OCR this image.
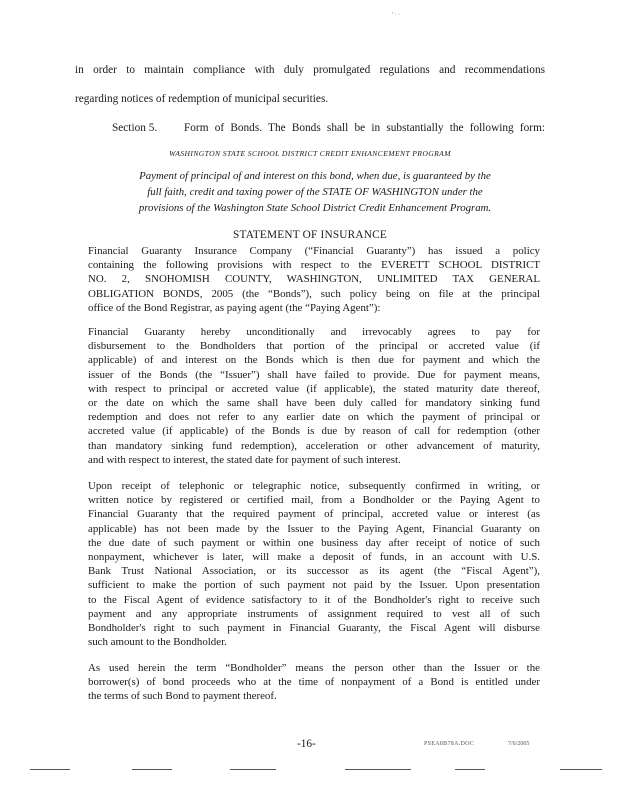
' · ·

in order to maintain compliance with duly promulgated regulations and recommendations

regarding notices of redemption of municipal securities.

Section 5. Form of Bonds. The Bonds shall be in substantially the following form:

WASHINGTON STATE SCHOOL DISTRICT CREDIT ENHANCEMENT PROGRAM
Payment of principal of and interest on this bond, when due, is guaranteed by the
full faith, credit and taxing power of the STATE OF WASHINGTON under the
provisions of the Washington State School District Credit Enhancement Program.
STATEMENT OF INSURANCE

Financial Guaranty Insurance Company (“Financial Guaranty”) has issued a policy
containing the following provisions with respect to the EVERETT SCHOOL DISTRICT
NO. 2, SNOHOMISH COUNTY, WASHINGTON, UNLIMITED TAX GENERAL
OBLIGATION BONDS, 2005 (the “Bonds”), such policy being on file at the principal
office of the Bond Registrar, as paying agent (the “Paying Agent”):

Financial Guaranty hereby unconditionally and irrevocably agrees to pay for
disbursement to the Bondholders that portion of the principal or accreted value (if
applicable) of and interest on the Bonds which is then due for payment and which the
issuer of the Bonds (the “Issuer”) shall have failed to provide. Due for payment means,
with respect to principal or accreted value (if applicable), the stated maturity date thereof,
or the date on which the same shall have been duly called for mandatory sinking fund
redemption and does not refer to any earlier date on which the payment of principal or
accreted value (if applicable) of the Bonds is due by reason of call for redemption (other
than mandatory sinking fund redemption), acceleration or other advancement of maturity,
and with respect to interest, the stated date for payment of such interest.

Upon receipt of telephonic or telegraphic notice, subsequently confirmed in writing, or
written notice by registered or certified mail, from a Bondholder or the Paying Agent to
Financial Guaranty that the required payment of principal, accreted value or interest (as
applicable) has not been made by the Issuer to the Paying Agent, Financial Guaranty on
the due date of such payment or within one business day after receipt of notice of such
nonpayment, whichever is later, will make a deposit of funds, in an account with U.S.
Bank Trust National Association, or its successor as its agent (the “Fiscal Agent”),
sufficient to make the portion of such payment not paid by the Issuer. Upon presentation
to the Fiscal Agent of evidence satisfactory to it of the Bondholder's right to receive such
payment and any appropriate instruments of assignment required to vest all of such
Bondholder's right to such payment in Financial Guaranty, the Fiscal Agent will disburse
such amount to the Bondholder.

As used herein the term “Bondholder” means the person other than the Issuer or the
borrower(s) of bond proceeds who at the time of nonpayment of a Bond is entitled under
the terms of such Bond to payment thereof.

-16-	PSEA8B78A.DOC	7/6/2005
